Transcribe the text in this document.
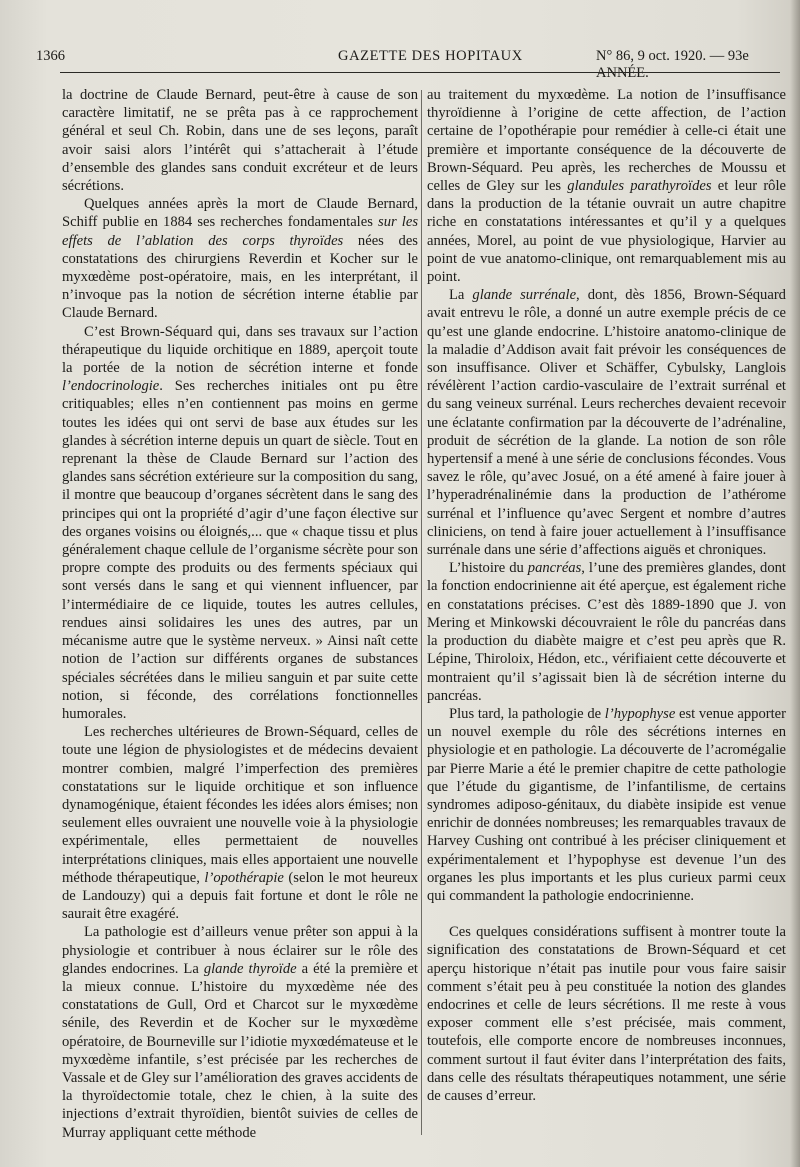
1366	GAZETTE DES HOPITAUX	N° 86, 9 oct. 1920. — 93e ANNÉE.

la doctrine de Claude Bernard, peut-être à cause de son caractère limitatif, ne se prêta pas à ce rapprochement général et seul Ch. Robin, dans une de ses leçons, paraît avoir saisi alors l’intérêt qui s’attacherait à l’étude d’ensemble des glandes sans conduit excréteur et de leurs sécrétions.

Quelques années après la mort de Claude Bernard, Schiff publie en 1884 ses recherches fondamentales sur les effets de l’ablation des corps thyroïdes nées des constatations des chirurgiens Reverdin et Kocher sur le myxœdème post-opératoire, mais, en les interprétant, il n’invoque pas la notion de sécrétion interne établie par Claude Bernard.

C’est Brown-Séquard qui, dans ses travaux sur l’action thérapeutique du liquide orchitique en 1889, aperçoit toute la portée de la notion de sécrétion interne et fonde l’endocrinologie. Ses recherches initiales ont pu être critiquables; elles n’en contiennent pas moins en germe toutes les idées qui ont servi de base aux études sur les glandes à sécrétion interne depuis un quart de siècle. Tout en reprenant la thèse de Claude Bernard sur l’action des glandes sans sécrétion extérieure sur la composition du sang, il montre que beaucoup d’organes sécrètent dans le sang des principes qui ont la propriété d’agir d’une façon élective sur des organes voisins ou éloignés,... que « chaque tissu et plus généralement chaque cellule de l’organisme sécrète pour son propre compte des produits ou des ferments spéciaux qui sont versés dans le sang et qui viennent influencer, par l’intermédiaire de ce liquide, toutes les autres cellules, rendues ainsi solidaires les unes des autres, par un mécanisme autre que le système nerveux. » Ainsi naît cette notion de l’action sur différents organes de substances spéciales sécrétées dans le milieu sanguin et par suite cette notion, si féconde, des corrélations fonctionnelles humorales.

Les recherches ultérieures de Brown-Séquard, celles de toute une légion de physiologistes et de médecins devaient montrer combien, malgré l’imperfection des premières constatations sur le liquide orchitique et son influence dynamogénique, étaient fécondes les idées alors émises; non seulement elles ouvraient une nouvelle voie à la physiologie expérimentale, elles permettaient de nouvelles interprétations cliniques, mais elles apportaient une nouvelle méthode thérapeutique, l’opothérapie (selon le mot heureux de Landouzy) qui a depuis fait fortune et dont le rôle ne saurait être exagéré.

La pathologie est d’ailleurs venue prêter son appui à la physiologie et contribuer à nous éclairer sur le rôle des glandes endocrines. La glande thyroïde a été la première et la mieux connue. L’histoire du myxœdème née des constatations de Gull, Ord et Charcot sur le myxœdème sénile, des Reverdin et de Kocher sur le myxœdème opératoire, de Bourneville sur l’idiotie myxœdémateuse et le myxœdème infantile, s’est précisée par les recherches de Vassale et de Gley sur l’amélioration des graves accidents de la thyroïdectomie totale, chez le chien, à la suite des injections d’extrait thyroïdien, bientôt suivies de celles de Murray appliquant cette méthode

au traitement du myxœdème. La notion de l’insuffisance thyroïdienne à l’origine de cette affection, de l’action certaine de l’opothérapie pour remédier à celle-ci était une première et importante conséquence de la découverte de Brown-Séquard. Peu après, les recherches de Moussu et celles de Gley sur les glandules parathyroïdes et leur rôle dans la production de la tétanie ouvrait un autre chapitre riche en constatations intéressantes et qu’il y a quelques années, Morel, au point de vue physiologique, Harvier au point de vue anatomo-clinique, ont remarquablement mis au point.

La glande surrénale, dont, dès 1856, Brown-Séquard avait entrevu le rôle, a donné un autre exemple précis de ce qu’est une glande endocrine. L’histoire anatomo-clinique de la maladie d’Addison avait fait prévoir les conséquences de son insuffisance. Oliver et Schäffer, Cybulsky, Langlois révélèrent l’action cardio-vasculaire de l’extrait surrénal et du sang veineux surrénal. Leurs recherches devaient recevoir une éclatante confirmation par la découverte de l’adrénaline, produit de sécrétion de la glande. La notion de son rôle hypertensif a mené à une série de conclusions fécondes. Vous savez le rôle, qu’avec Josué, on a été amené à faire jouer à l’hyperadrénalinémie dans la production de l’athérome surrénal et l’influence qu’avec Sergent et nombre d’autres cliniciens, on tend à faire jouer actuellement à l’insuffisance surrénale dans une série d’affections aiguës et chroniques.

L’histoire du pancréas, l’une des premières glandes, dont la fonction endocrinienne ait été aperçue, est également riche en constatations précises. C’est dès 1889-1890 que J. von Mering et Minkowski découvraient le rôle du pancréas dans la production du diabète maigre et c’est peu après que R. Lépine, Thiroloix, Hédon, etc., vérifiaient cette découverte et montraient qu’il s’agissait bien là de sécrétion interne du pancréas.

Plus tard, la pathologie de l’hypophyse est venue apporter un nouvel exemple du rôle des sécrétions internes en physiologie et en pathologie. La découverte de l’acromégalie par Pierre Marie a été le premier chapitre de cette pathologie que l’étude du gigantisme, de l’infantilisme, de certains syndromes adiposo-génitaux, du diabète insipide est venue enrichir de données nombreuses; les remarquables travaux de Harvey Cushing ont contribué à les préciser cliniquement et expérimentalement et l’hypophyse est devenue l’un des organes les plus importants et les plus curieux parmi ceux qui commandent la pathologie endocrinienne.

Ces quelques considérations suffisent à montrer toute la signification des constatations de Brown-Séquard et cet aperçu historique n’était pas inutile pour vous faire saisir comment s’était peu à peu constituée la notion des glandes endocrines et celle de leurs sécrétions. Il me reste à vous exposer comment elle s’est précisée, mais comment, toutefois, elle comporte encore de nombreuses inconnues, comment surtout il faut éviter dans l’interprétation des faits, dans celle des résultats thérapeutiques notamment, une série de causes d’erreur.
